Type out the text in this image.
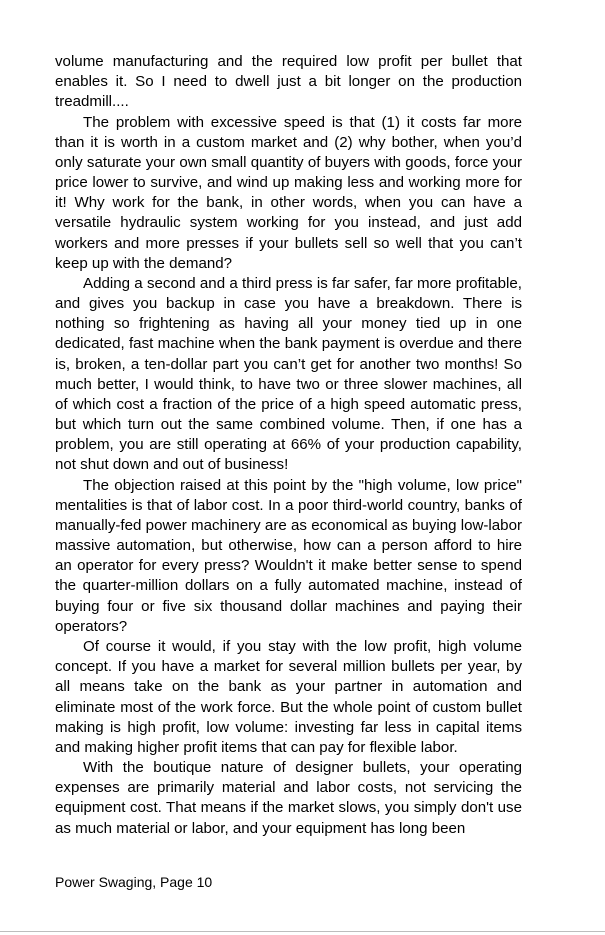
volume manufacturing and the required low profit per bullet that enables it. So I need to dwell just a bit longer on the production treadmill....

The problem with excessive speed is that (1) it costs far more than it is worth in a custom market and (2) why bother, when you’d only saturate your own small quantity of buyers with goods, force your price lower to survive, and wind up making less and working more for it! Why work for the bank, in other words, when you can have a versatile hydraulic system working for you instead, and just add workers and more presses if your bullets sell so well that you can’t keep up with the demand?

Adding a second and a third press is far safer, far more profitable, and gives you backup in case you have a breakdown. There is nothing so frightening as having all your money tied up in one dedicated, fast machine when the bank payment is overdue and there is, broken, a ten-dollar part you can’t get for another two months! So much better, I would think, to have two or three slower machines, all of which cost a fraction of the price of a high speed automatic press, but which turn out the same combined volume. Then, if one has a problem, you are still operating at 66% of your production capability, not shut down and out of business!

The objection raised at this point by the "high volume, low price" mentalities is that of labor cost. In a poor third-world country, banks of manually-fed power machinery are as economical as buying low-labor massive automation, but otherwise, how can a person afford to hire an operator for every press? Wouldn't it make better sense to spend the quarter-million dollars on a fully automated machine, instead of buying four or five six thousand dollar machines and paying their operators?

Of course it would, if you stay with the low profit, high volume concept. If you have a market for several million bullets per year, by all means take on the bank as your partner in automation and eliminate most of the work force. But the whole point of custom bullet making is high profit, low volume: investing far less in capital items and making higher profit items that can pay for flexible labor.

With the boutique nature of designer bullets, your operating expenses are primarily material and labor costs, not servicing the equipment cost. That means if the market slows, you simply don't use as much material or labor, and your equipment has long been

Power Swaging, Page 10
